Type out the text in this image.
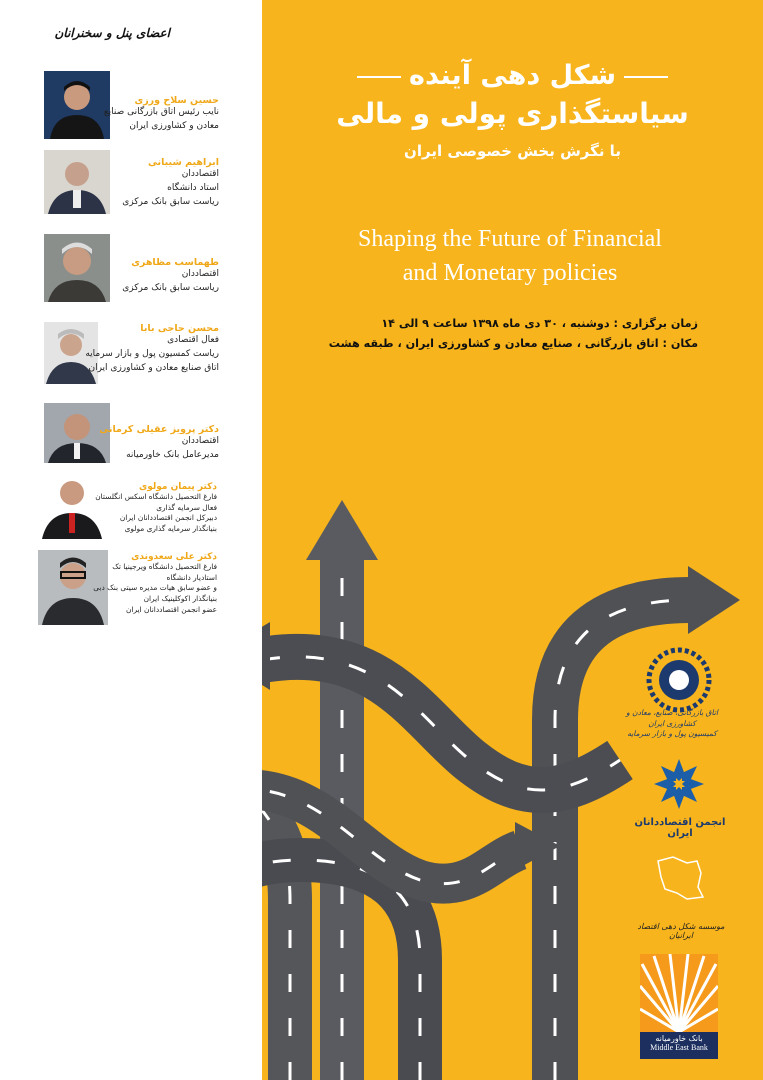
اعضای پنل و سخنرانان
حسین سلاح ورزی
نایب رئیس اتاق بازرگانی صنایع
معادن و کشاورزی ایران
ابراهیم شیبانی
اقتصاددان
استاد دانشگاه
ریاست سابق بانک مرکزی
طهماسب مظاهری
اقتصاددان
ریاست سابق بانک مرکزی
محسن حاجی بابا
فعال اقتصادی
ریاست کمسیون پول و بازار سرمایه
اتاق صنایع معادن و کشاورزی ایران
دکتر پرویز عقیلی کرمانی
اقتصاددان
مدیرعامل بانک خاورمیانه
دکتر پیمان مولوی
فارغ التحصیل دانشگاه اسکس انگلستان
فعال سرمایه گذاری
دبیرکل انجمن اقتصاددانان ایران
بنیانگذار سرمایه گذاری مولوی
دکتر علی سعدوندی
فارغ التحصیل دانشگاه ویرجینیا تک
استادیار دانشگاه
و عضو سابق هیات مدیره سیتی بنک دبی
بنیانگذار اکوکلینیک ایران
عضو انجمن اقتصاددانان ایران
شکل دهی آینده
سیاستگذاری پولی و مالی
با نگرش بخش خصوصی ایران
Shaping the Future of Financial
and Monetary policies
زمان برگزاری : دوشنبه ، ۳۰ دی ماه ۱۳۹۸ ساعت ۹ الی ۱۴
مکان : اتاق بازرگانی ، صنایع معادن و کشاورزی ایران ، طبقه هشت
اتاق بازرگانی، صنایع، معادن و کشاورزی ایران
کمیسیون پول و بازار سرمایه
انجمن اقتصاددانان ایران
موسسه شکل دهی اقتصاد ایرانیان
بانک خاورمیانه
Middle East Bank
